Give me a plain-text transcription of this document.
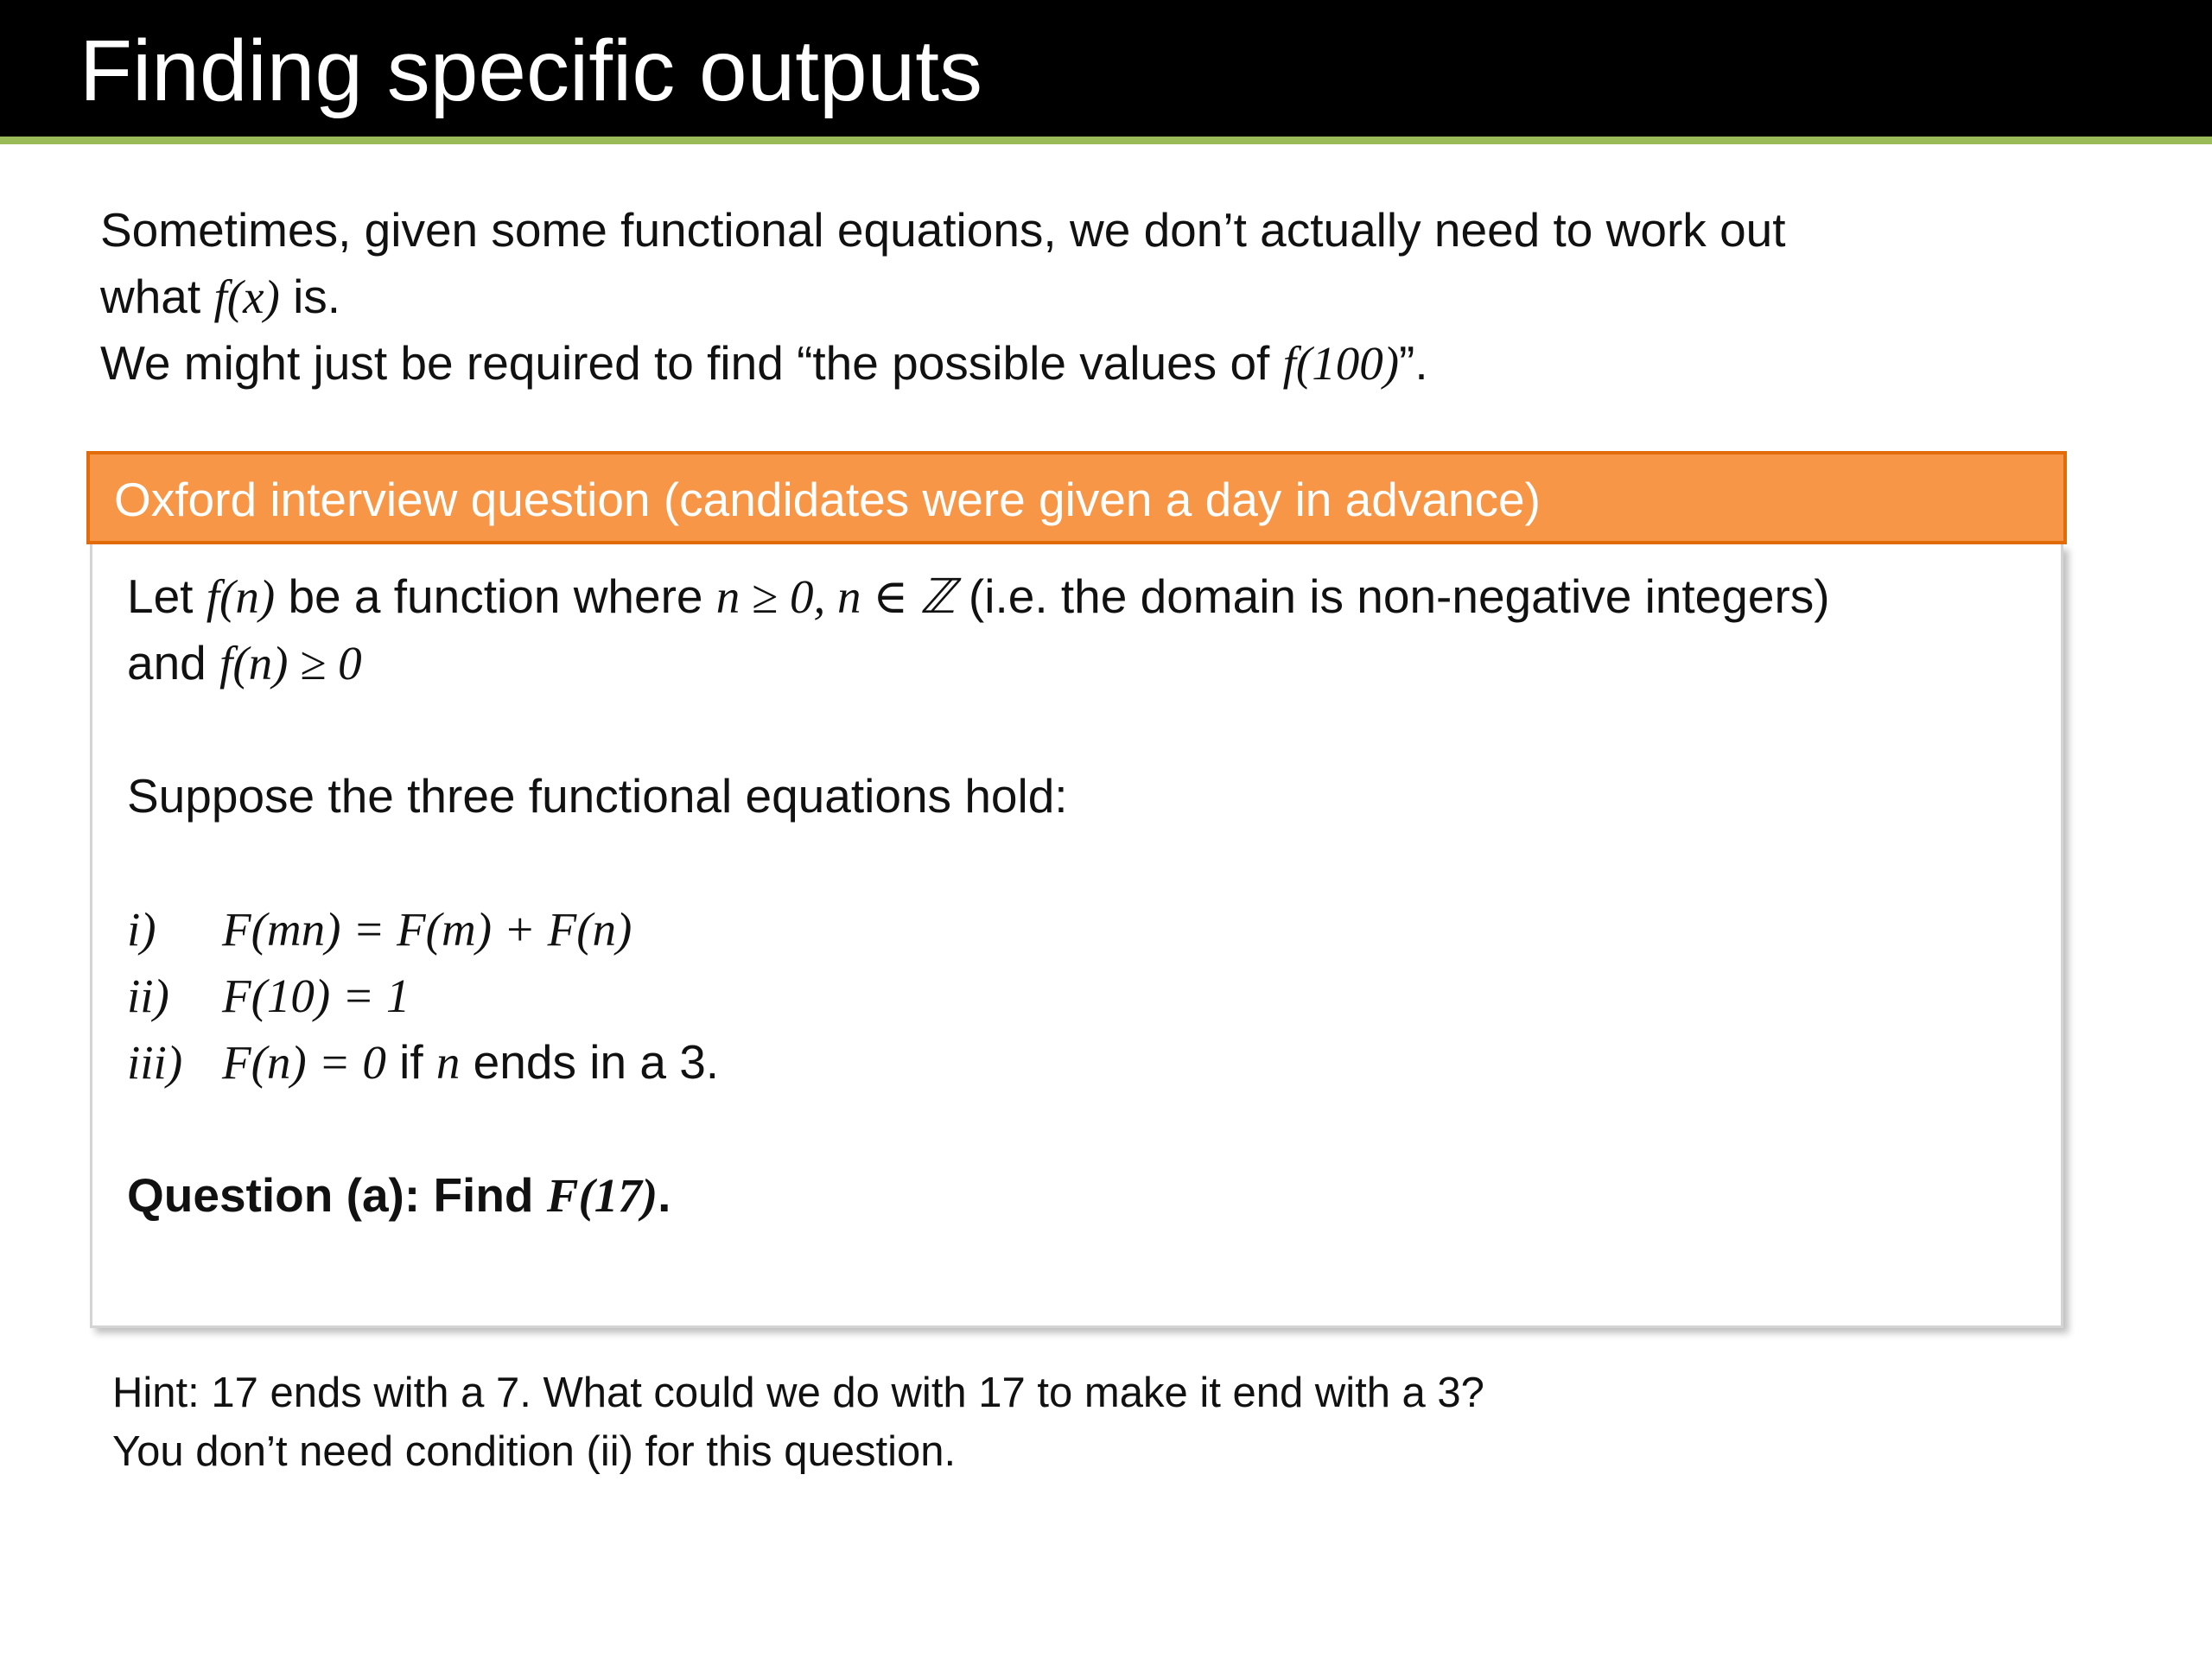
Finding specific outputs
Sometimes, given some functional equations, we don’t actually need to work out
what f(x) is.
We might just be required to find “the possible values of f(100)”.
Oxford interview question (candidates were given a day in advance)
Let f(n) be a function where n ≥ 0, n ∈ ℤ (i.e. the domain is non-negative integers)
and f(n) ≥ 0
Suppose the three functional equations hold:
i) F(mn) = F(m) + F(n)
ii) F(10) = 1
iii) F(n) = 0 if n ends in a 3.
Question (a): Find F(17).
Hint: 17 ends with a 7. What could we do with 17 to make it end with a 3?
You don’t need condition (ii) for this question.
